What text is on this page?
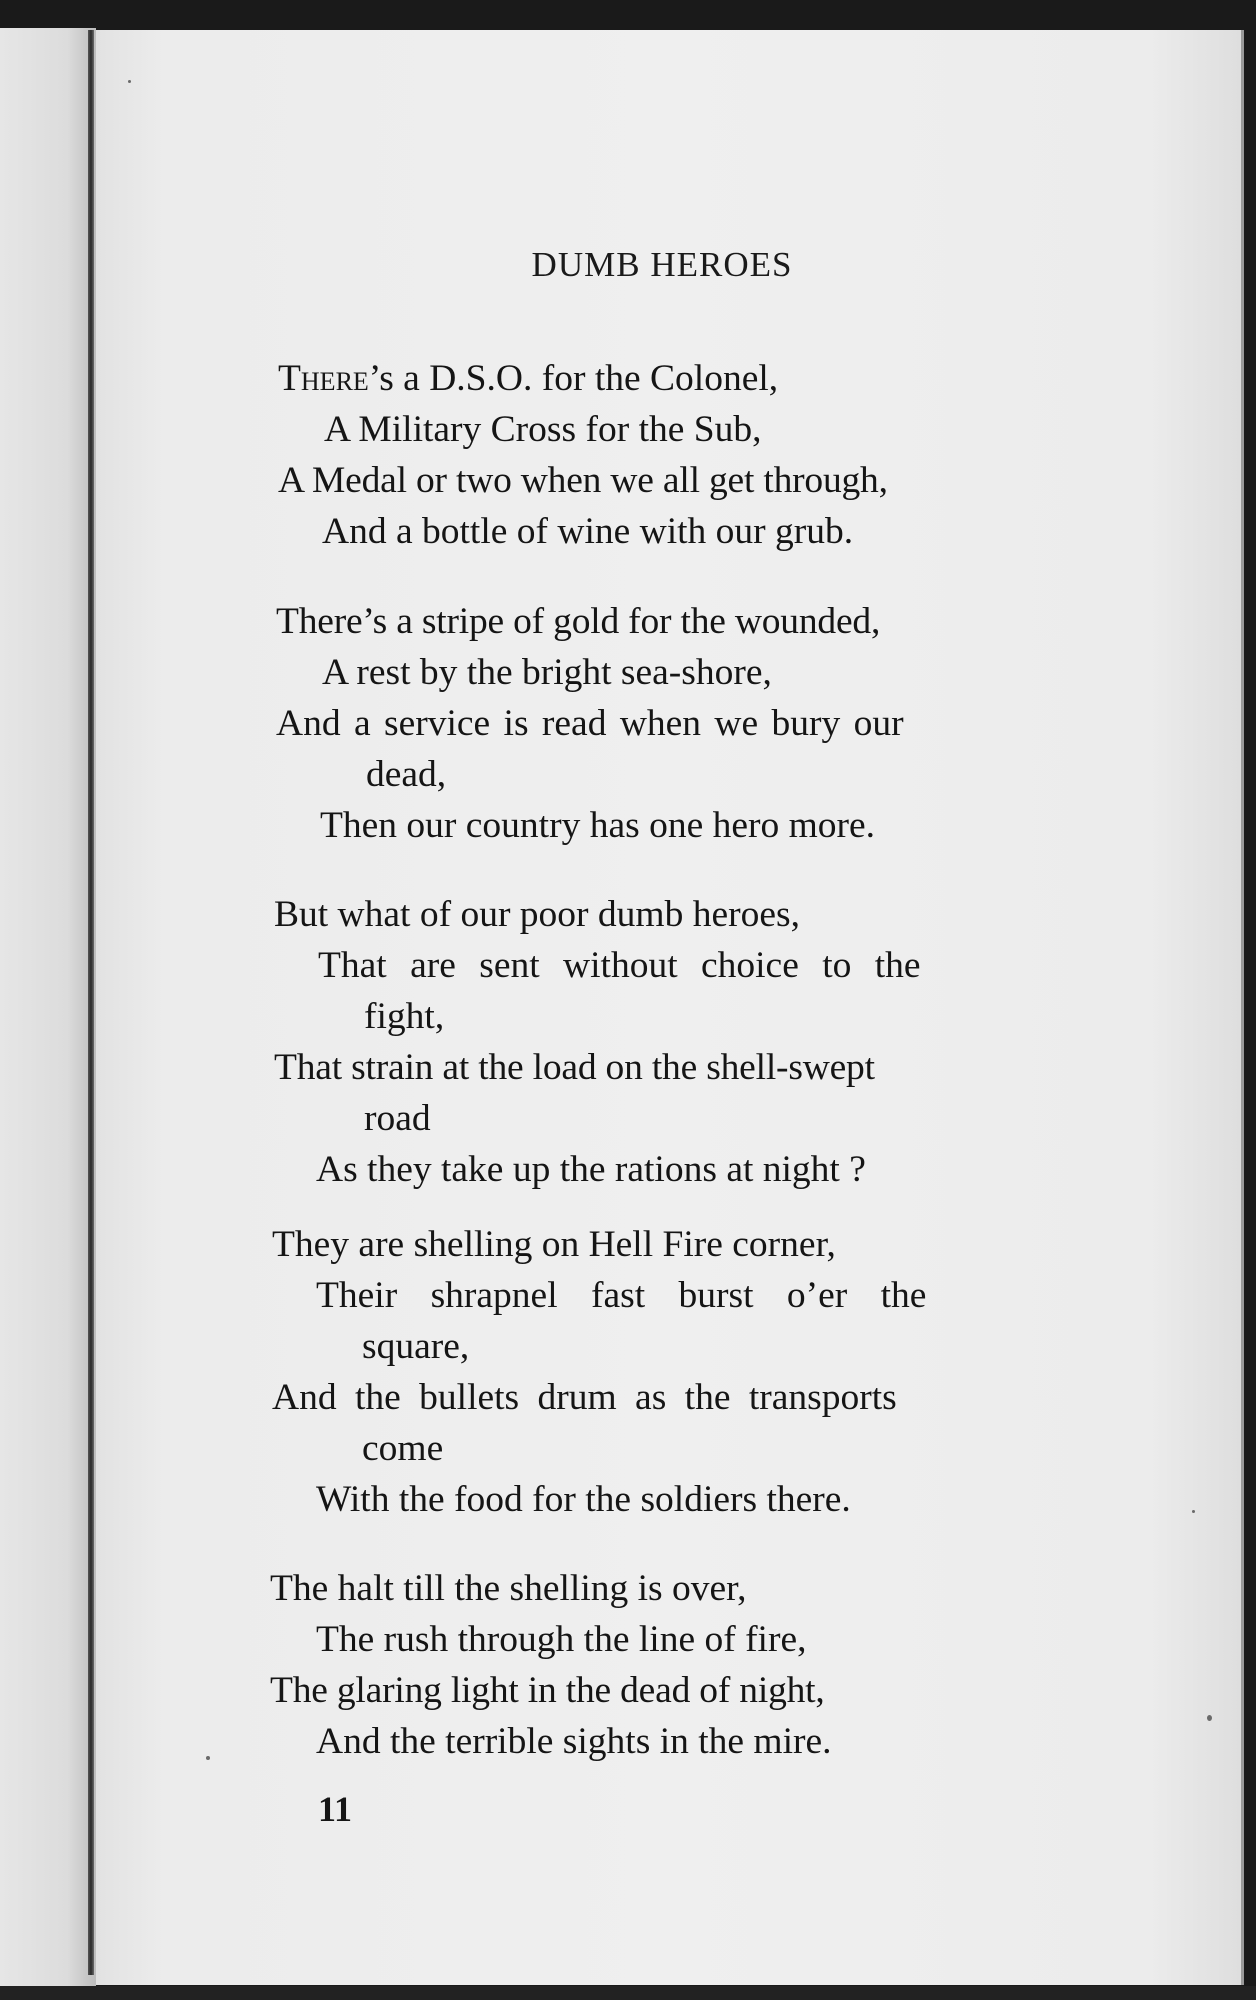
DUMB HEROES
There’s a D.S.O. for the Colonel,
A Military Cross for the Sub,
A Medal or two when we all get through,
And a bottle of wine with our grub.
There’s a stripe of gold for the wounded,
A rest by the bright sea-shore,
And a service is read when we bury our
dead,
Then our country has one hero more.
But what of our poor dumb heroes,
That are sent without choice to the
fight,
That strain at the load on the shell-swept
road
As they take up the rations at night ?
They are shelling on Hell Fire corner,
Their shrapnel fast burst o’er the
square,
And the bullets drum as the transports
come
With the food for the soldiers there.
The halt till the shelling is over,
The rush through the line of fire,
The glaring light in the dead of night,
And the terrible sights in the mire.
11
